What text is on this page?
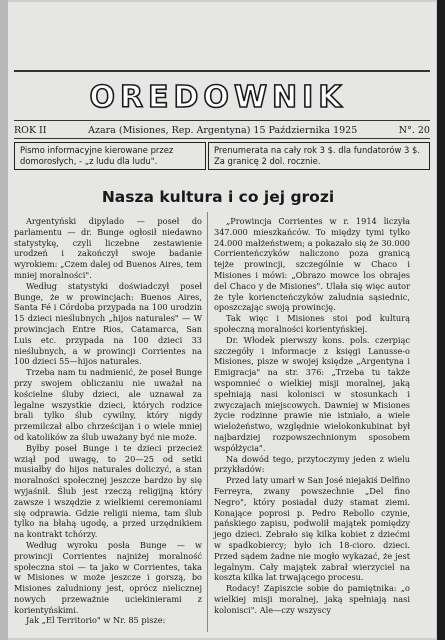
OREDOWNIK
ROK II	Azara (Misiones, Rep. Argentyna) 15 Października 1925	N°. 20
Pismo informacyjne kierowane przez domorosłych, - „z ludu dla ludu".
Prenumerata na cały rok 3 $. dla fundatorów 3 $. Za granicę 2 dol. rocznie.
Nasza kultura i co jej grozi

Argentyński dipylado — poseł do parlamentu — dr. Bunge ogłosił niedawno statystykę, czyli liczebne zestawienie urodzeń i zakończył swoje badanie wyrokiem: „Czem dalej od Buenos Aires, tem mniej moralności".

Według statystyki doświadczył poseł Bunge, że w prowincjach: Buenos Aires, Santa Fé i Córdoba przypada na 100 urodzin 15 dzieci nieślubnych „hijos naturales" — W prowincjach Entre Rios, Catamarca, San Luis etc. przypada na 100 dzieci 33 nieślubnych, a w prowincji Corrientes na 100 dzieci 55—hijos naturales.

Trzeba nam tu nadmienić, że poseł Bunge przy swojem obliczaniu nie uważał na kościelne śluby dzieci, ale uznawał za legalne wszystkie dzieci, których rodzice brali tylko ślub cywilny, który nigdy przemilczał albo chrześcijan i o wiele mniej od katolików za ślub uważany być nie może.

Byłby poseł Bunge i te dzieci przecież wziął pod uwagę, to 20—25 od setki musiałby do hijos naturales doliczyć, a stan moralności społecznej jeszcze bardzo by się wyjaśnił. Ślub jest rzeczą religijną który zawsze i wszędzie z wielkiemi ceremoniami się odprawia. Gdzie religii niema, tam ślub tylko na błahą ugodę, a przed urzędnikiem na kontrakt tchórzy.

Według wyroku posła Bunge — w prowincji Corrientes najniżej moralność społeczna stoi — ta jako w Corrientes, taka w Misiones w może jeszcze i gorszą, bo Misiones zaludniony jest, oprócz nielicznej nowych przeważnie uciekinierami z korientyńskimi.

Jak „El Territorio" w Nr. 85 pisze:

„Prowincja Corrientes w r. 1914 liczyła 347.000 mieszkańców. To między tymi tylko 24.000 małżeństwem; a pokazało się że 30.000 Corrienteńczyków naliczono poza granicą tejże prowincji, szczególnie w Chaco i Misiones i mówi: „Obrazo mowce los obrajes del Chaco y de Misiones". Ulała się więc autor że tyle koriencteńczyków zaludnia sąsiednic, oposzczając swoją prowincję.

Tak więc i Misiones stoi pod kulturą społeczną moralności korientyńskiej.

Dr. Włodek pierwszy kons. pols. czerpiąc szczegóły i informacje z księgi Lanusse-o Misiones, pisze w swojej księdze „Argentyna i Emigracja" na str. 376: „Trzeba tu także wspomnieć o wielkiej misji moralnej, jaką spełniają nasi kolonisci w stosunkach i zwyczajach miejscowych. Dawniej w Misiones życie rodzinne prawie nie istniało, a wiele wielożeństwo, względnie wielokonkubinat był najbardziej rozpowszechnionym sposobem współżycia".

Na dowód tego, przytoczymy jeden z wielu przykładów:

Przed laty umarł w San José niejakiś Delfino Ferreyra, zwany powszechnie „Del fino Negro", który posiadał duży stamat ziemi. Konające poprosi p. Pedro Rebollo czynie, pańskiego zapisu, podwolił majątek pomiędzy jego dzieci. Zebrało się kilka kobiet z dziećmi w spadkobiercy; było ich 18-cioro. dzieci. Przed sądem żadne nie mogło wykazać, że jest legalnym. Cały majątek zabrał wierzyciel na koszta kilka lat trwającego procesu.

Rodacy! Zapiszcie sobie do pamiętnika: „o wielkiej misji moralnej, jaką spełniają nasi kolonisci". Ale—czy wszyscy
